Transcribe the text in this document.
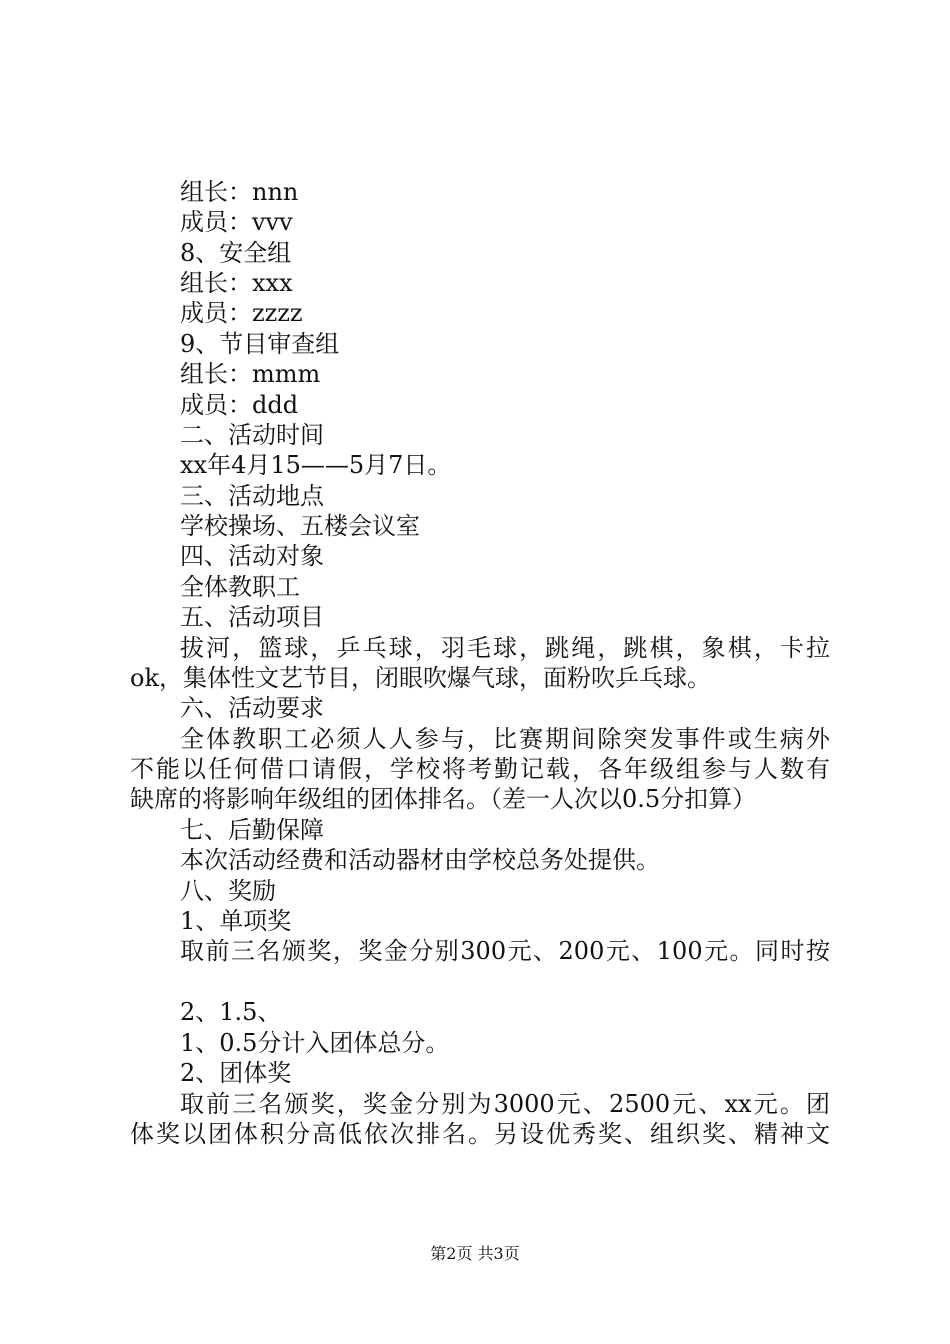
组长：nnn
成员：vvv
8、安全组
组长：xxx
成员：zzzz
9、节目审查组
组长：mmm
成员：ddd
二、活动时间
xx年4月15——5月7日。
三、活动地点
学校操场、五楼会议室
四、活动对象
全体教职工
五、活动项目
拔河，篮球，乒乓球，羽毛球，跳绳，跳棋，象棋，卡拉
ok，集体性文艺节目，闭眼吹爆气球，面粉吹乒乓球。
六、活动要求
全体教职工必须人人参与，比赛期间除突发事件或生病外
不能以任何借口请假，学校将考勤记载，各年级组参与人数有
缺席的将影响年级组的团体排名。（差一人次以0.5分扣算）
七、后勤保障
本次活动经费和活动器材由学校总务处提供。
八、奖励
1、单项奖
取前三名颁奖，奖金分别300元、200元、100元。同时按
2、1.5、
1、0.5分计入团体总分。
2、团体奖
取前三名颁奖，奖金分别为3000元、2500元、xx元。团
体奖以团体积分高低依次排名。另设优秀奖、组织奖、精神文
第2页 共3页
